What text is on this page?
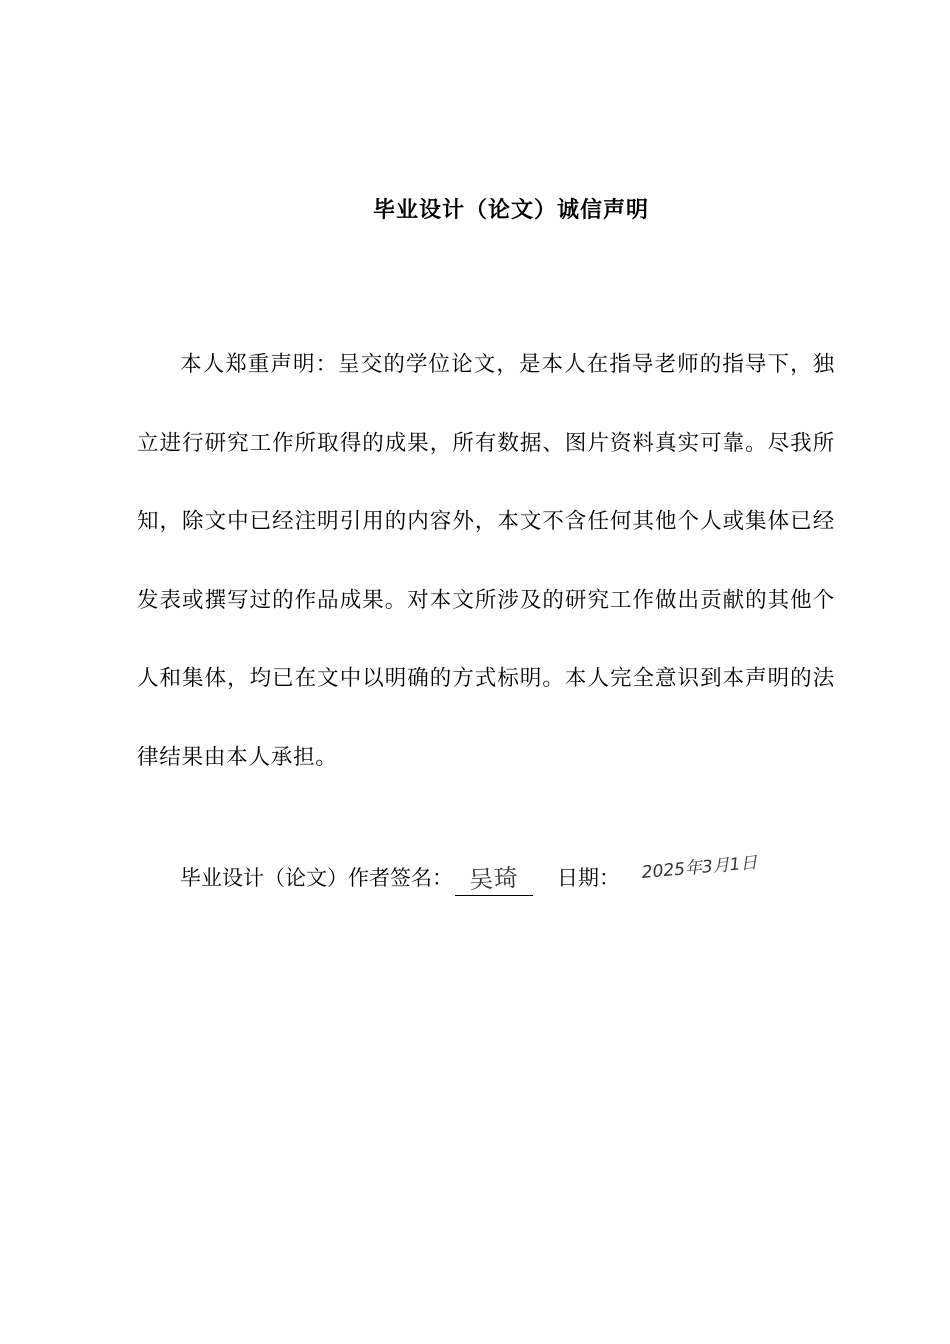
毕业设计（论文）诚信声明

本人郑重声明：呈交的学位论文，是本人在指导老师的指导下，独立进行研究工作所取得的成果，所有数据、图片资料真实可靠。尽我所知，除文中已经注明引用的内容外，本文不含任何其他个人或集体已经发表或撰写过的作品成果。对本文所涉及的研究工作做出贡献的其他个人和集体，均已在文中以明确的方式标明。本人完全意识到本声明的法律结果由本人承担。

毕业设计（论文）作者签名： 吴琦 日期： 2025年3月1日
